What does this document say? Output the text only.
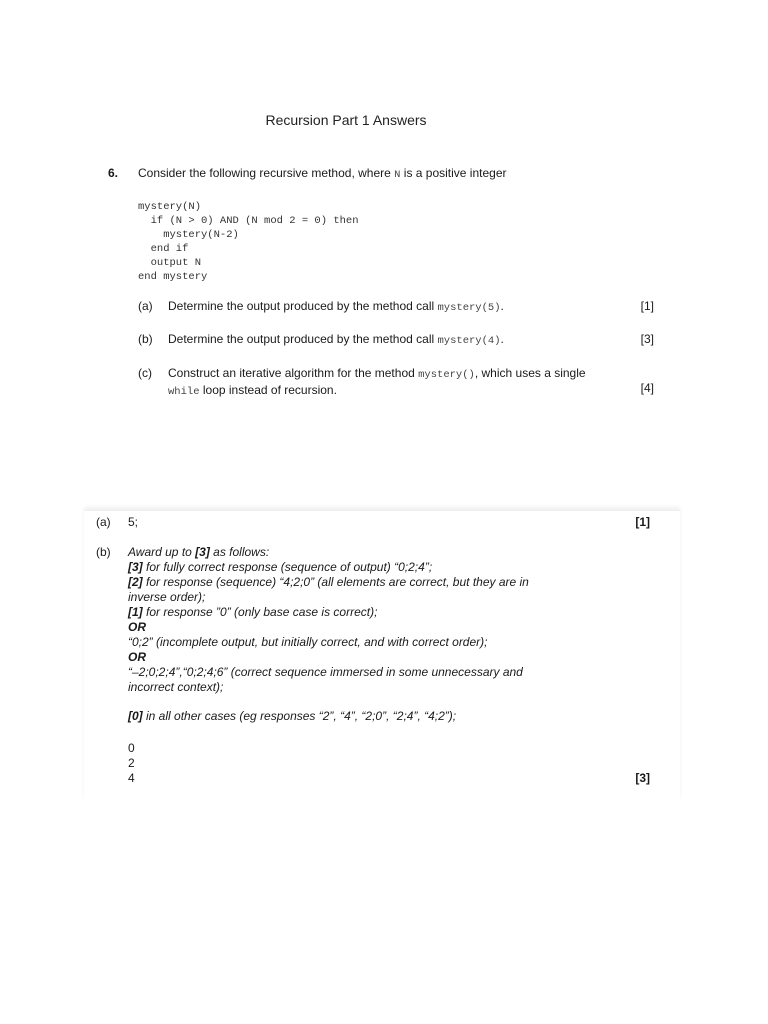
Recursion Part 1 Answers
6. Consider the following recursive method, where N is a positive integer
mystery(N)
if (N > 0) AND (N mod 2 = 0) then
mystery(N-2)
end if
output N
end mystery
(a) Determine the output produced by the method call mystery(5).	[1]
(b) Determine the output produced by the method call mystery(4).	[3]
(c) Construct an iterative algorithm for the method mystery(), which uses a single
while loop instead of recursion.	[4]
(a) 5;	[1]
(b) Award up to [3] as follows:
[3] for fully correct response (sequence of output) “0;2;4”;
[2] for response (sequence) “4;2;0” (all elements are correct, but they are in
inverse order);
[1] for response ”0” (only base case is correct);
OR
“0;2” (incomplete output, but initially correct, and with correct order);
OR
“–2;0;2;4”,“0;2;4;6” (correct sequence immersed in some unnecessary and
incorrect context);
[0] in all other cases (eg responses “2”, “4”, “2;0”, “2;4”, “4;2”);
0
2
4	[3]
